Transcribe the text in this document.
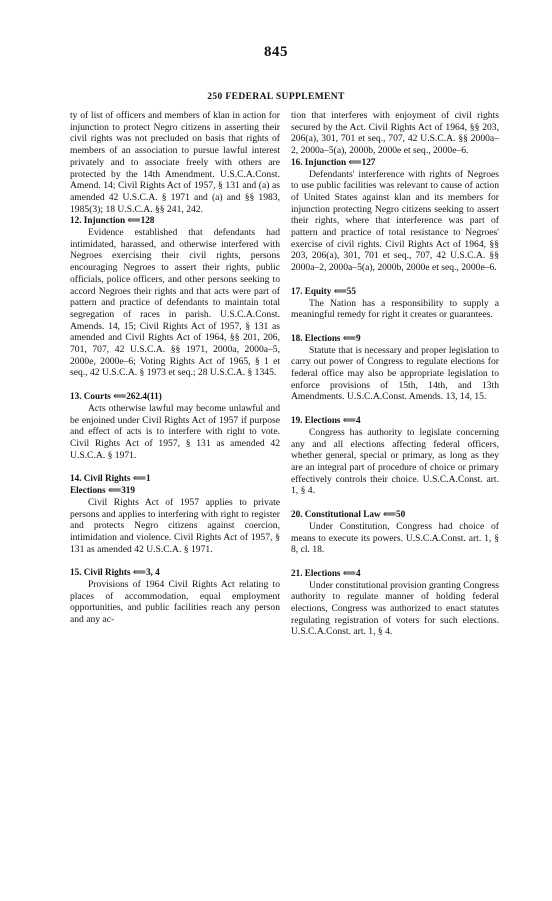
845
250 FEDERAL SUPPLEMENT

ty of list of officers and members of klan in action for injunction to protect Negro citizens in asserting their civil rights was not precluded on basis that rights of members of an association to pursue lawful interest privately and to associate freely with others are protected by the 14th Amendment. U.S.C.A.Const. Amend. 14; Civil Rights Act of 1957, § 131 and (a) as amended 42 U.S.C.A. § 1971 and (a) and §§ 1983, 1985(3); 18 U.S.C.A. §§ 241, 242.

12. Injunction ⟸128

Evidence established that defendants had intimidated, harassed, and otherwise interfered with Negroes exercising their civil rights, persons encouraging Negroes to assert their rights, public officials, police officers, and other persons seeking to accord Negroes their rights and that acts were part of pattern and practice of defendants to maintain total segregation of races in parish. U.S.C.A.Const. Amends. 14, 15; Civil Rights Act of 1957, § 131 as amended and Civil Rights Act of 1964, §§ 201, 206, 701, 707, 42 U.S.C.A. §§ 1971, 2000a, 2000a–5, 2000e, 2000e–6; Voting Rights Act of 1965, § 1 et seq., 42 U.S.C.A. § 1973 et seq.; 28 U.S.C.A. § 1345.

13. Courts ⟸262.4(11)

Acts otherwise lawful may become unlawful and be enjoined under Civil Rights Act of 1957 if purpose and effect of acts is to interfere with right to vote. Civil Rights Act of 1957, § 131 as amended 42 U.S.C.A. § 1971.

14. Civil Rights ⟸1

Elections ⟸319

Civil Rights Act of 1957 applies to private persons and applies to interfering with right to register and protects Negro citizens against coercion, intimidation and violence. Civil Rights Act of 1957, § 131 as amended 42 U.S.C.A. § 1971.

15. Civil Rights ⟸3, 4

Provisions of 1964 Civil Rights Act relating to places of accommodation, equal employment opportunities, and public facilities reach any person and any ac-

tion that interferes with enjoyment of civil rights secured by the Act. Civil Rights Act of 1964, §§ 203, 206(a), 301, 701 et seq., 707, 42 U.S.C.A. §§ 2000a–2, 2000a–5(a), 2000b, 2000e et seq., 2000e–6.

16. Injunction ⟸127

Defendants' interference with rights of Negroes to use public facilities was relevant to cause of action of United States against klan and its members for injunction protecting Negro citizens seeking to assert their rights, where that interference was part of pattern and practice of total resistance to Negroes' exercise of civil rights. Civil Rights Act of 1964, §§ 203, 206(a), 301, 701 et seq., 707, 42 U.S.C.A. §§ 2000a–2, 2000a–5(a), 2000b, 2000e et seq., 2000e–6.

17. Equity ⟸55

The Nation has a responsibility to supply a meaningful remedy for right it creates or guarantees.

18. Elections ⟸9

Statute that is necessary and proper legislation to carry out power of Congress to regulate elections for federal office may also be appropriate legislation to enforce provisions of 15th, 14th, and 13th Amendments. U.S.C.A.Const. Amends. 13, 14, 15.

19. Elections ⟸4

Congress has authority to legislate concerning any and all elections affecting federal officers, whether general, special or primary, as long as they are an integral part of procedure of choice or primary effectively controls their choice. U.S.C.A.Const. art. 1, § 4.

20. Constitutional Law ⟸50

Under Constitution, Congress had choice of means to execute its powers. U.S.C.A.Const. art. 1, § 8, cl. 18.

21. Elections ⟸4

Under constitutional provision granting Congress authority to regulate manner of holding federal elections, Congress was authorized to enact statutes regulating registration of voters for such elections. U.S.C.A.Const. art. 1, § 4.
